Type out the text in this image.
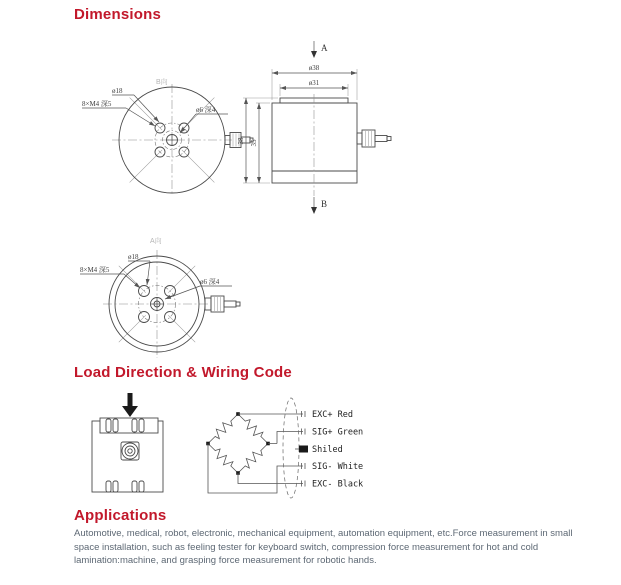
B向
ø18
8×M4 深5
ø6 深4
A
ø38
ø31
38 35
B
A向
ø18
8×M4 深5
ø6 深4
EXC+ Red
SIG+ Green
Shiled
SIG- White
EXC- Black
Dimensions
Load Direction & Wiring Code
Applications
Automotive, medical, robot, electronic, mechanical equipment, automation equipment, etc.Force measurement in small space installation, such as feeling tester for keyboard switch, compression force measurement for hot and cold lamination:machine, and grasping force measurement for robotic hands.
